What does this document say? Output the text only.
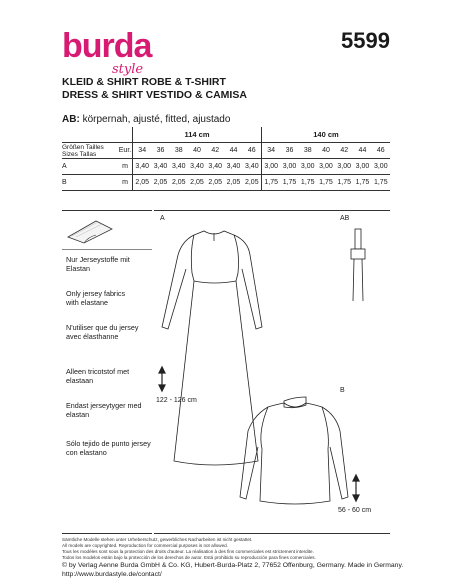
burda
style
5599
KLEID & SHIRT ROBE & T-SHIRT
DRESS & SHIRT VESTIDO & CAMISA
AB: körpernah, ajusté, fitted, ajustado
		114 cm							140 cm						

Größen Tailles
Sizes Tallas	Eur.	34	36	38	40	42	44	46	34	36	38	40	42	44	46
A	m	3,40	3,40	3,40	3,40	3,40	3,40	3,40	3,00	3,00	3,00	3,00	3,00	3,00	3,00
B	m	2,05	2,05	2,05	2,05	2,05	2,05	2,05	1,75	1,75	1,75	1,75	1,75	1,75	1,75
Nur Jerseystoffe mit Elastan
Only jersey fabrics with elastane
N'utiliser que du jersey avec élasthanne
Alleen tricotstof met elastaan
Endast jerseytyger med elastan
Sólo tejido de punto jersey con elastano
A	AB
B
122 - 126 cm
56 - 60 cm
Sämtliche Modelle stehen unter Urheberschutz, gewerbliches Nacharbeiten ist nicht gestattet.
All models are copyrighted. Reproduction for commercial purposes is not allowed.
Tous les modèles sont sous la protection des droits d'auteur. La réalisation à des fins commerciales est strictement interdite.
Todos los modelos están bajo la protección de los derechos de autor. Está prohibido su reproducción para fines comerciales.
© by Verlag Aenne Burda GmbH & Co. KG, Hubert-Burda-Platz 2, 77652 Offenburg, Germany. Made in Germany.
http://www.burdastyle.de/contact/
